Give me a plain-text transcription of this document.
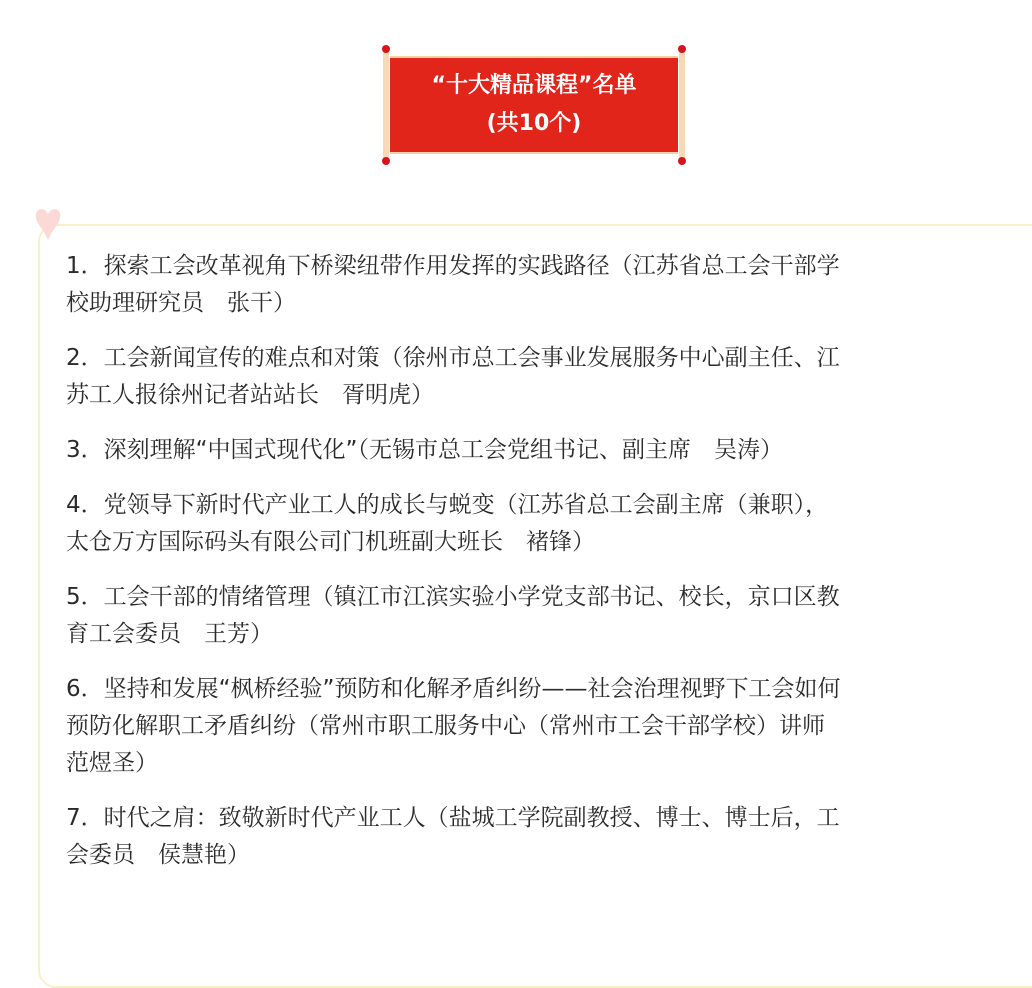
“十大精品课程”名单
(共10个)
1．探索工会改革视角下桥梁纽带作用发挥的实践路径（江苏省总工会干部学
校助理研究员　张干）
2．工会新闻宣传的难点和对策（徐州市总工会事业发展服务中心副主任、江
苏工人报徐州记者站站长　胥明虎）
3．深刻理解“中国式现代化”（无锡市总工会党组书记、副主席　吴涛）
4．党领导下新时代产业工人的成长与蜕变（江苏省总工会副主席（兼职），
太仓万方国际码头有限公司门机班副大班长　褚锋）
5．工会干部的情绪管理（镇江市江滨实验小学党支部书记、校长，京口区教
育工会委员　王芳）
6．坚持和发展“枫桥经验”预防和化解矛盾纠纷——社会治理视野下工会如何
预防化解职工矛盾纠纷（常州市职工服务中心（常州市工会干部学校）讲师
范煜圣）
7．时代之肩：致敬新时代产业工人（盐城工学院副教授、博士、博士后，工
会委员　侯慧艳）
